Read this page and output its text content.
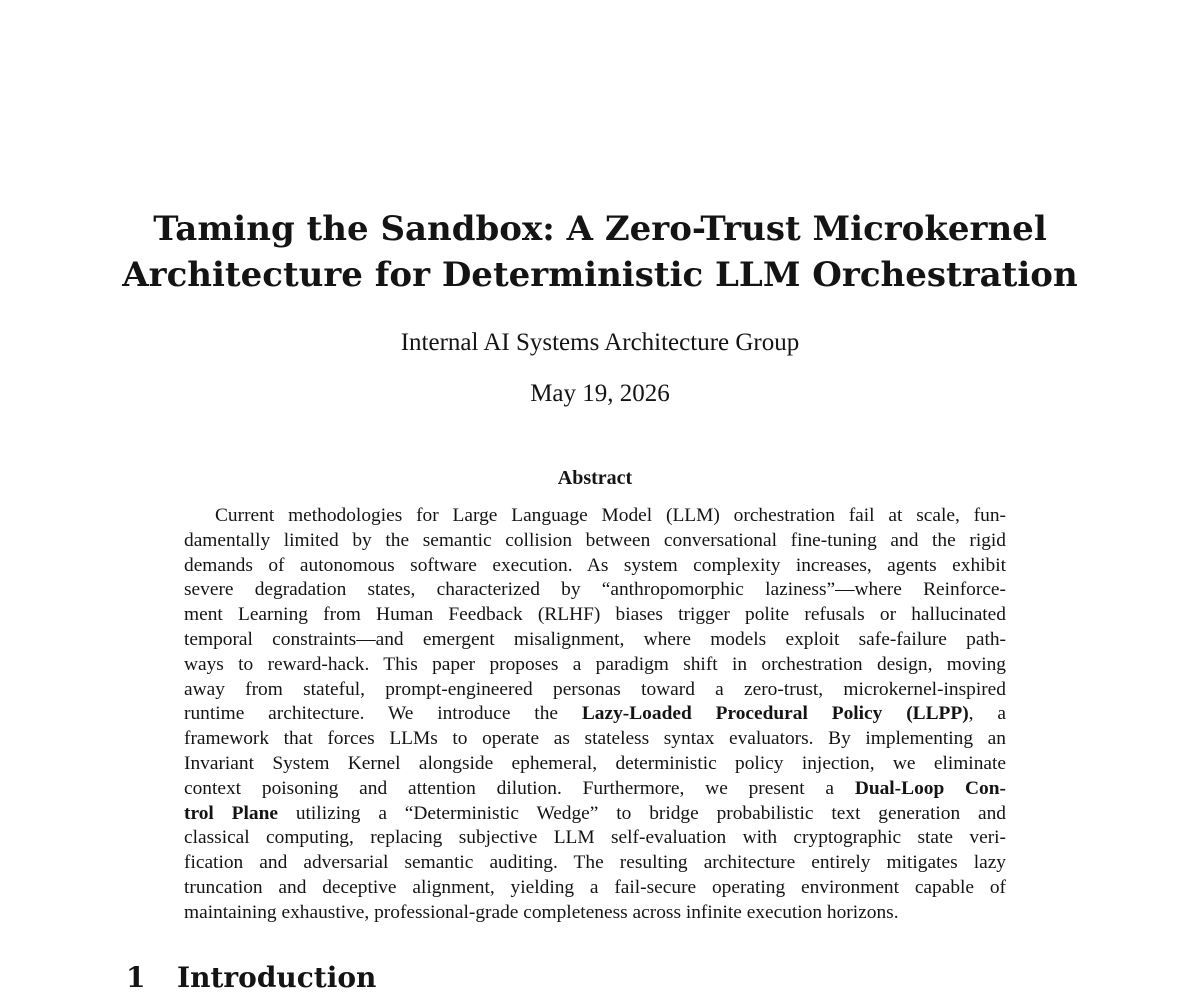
Taming the Sandbox: A Zero-Trust Microkernel
Architecture for Deterministic LLM Orchestration
Internal AI Systems Architecture Group
May 19, 2026
Abstract
Current methodologies for Large Language Model (LLM) orchestration fail at scale, fun-
damentally limited by the semantic collision between conversational fine-tuning and the rigid
demands of autonomous software execution. As system complexity increases, agents exhibit
severe degradation states, characterized by “anthropomorphic laziness”—where Reinforce-
ment Learning from Human Feedback (RLHF) biases trigger polite refusals or hallucinated
temporal constraints—and emergent misalignment, where models exploit safe-failure path-
ways to reward-hack. This paper proposes a paradigm shift in orchestration design, moving
away from stateful, prompt-engineered personas toward a zero-trust, microkernel-inspired
runtime architecture. We introduce the Lazy-Loaded Procedural Policy (LLPP), a
framework that forces LLMs to operate as stateless syntax evaluators. By implementing an
Invariant System Kernel alongside ephemeral, deterministic policy injection, we eliminate
context poisoning and attention dilution. Furthermore, we present a Dual-Loop Con-
trol Plane utilizing a “Deterministic Wedge” to bridge probabilistic text generation and
classical computing, replacing subjective LLM self-evaluation with cryptographic state veri-
fication and adversarial semantic auditing. The resulting architecture entirely mitigates lazy
truncation and deceptive alignment, yielding a fail-secure operating environment capable of
maintaining exhaustive, professional-grade completeness across infinite execution horizons.
1 Introduction
